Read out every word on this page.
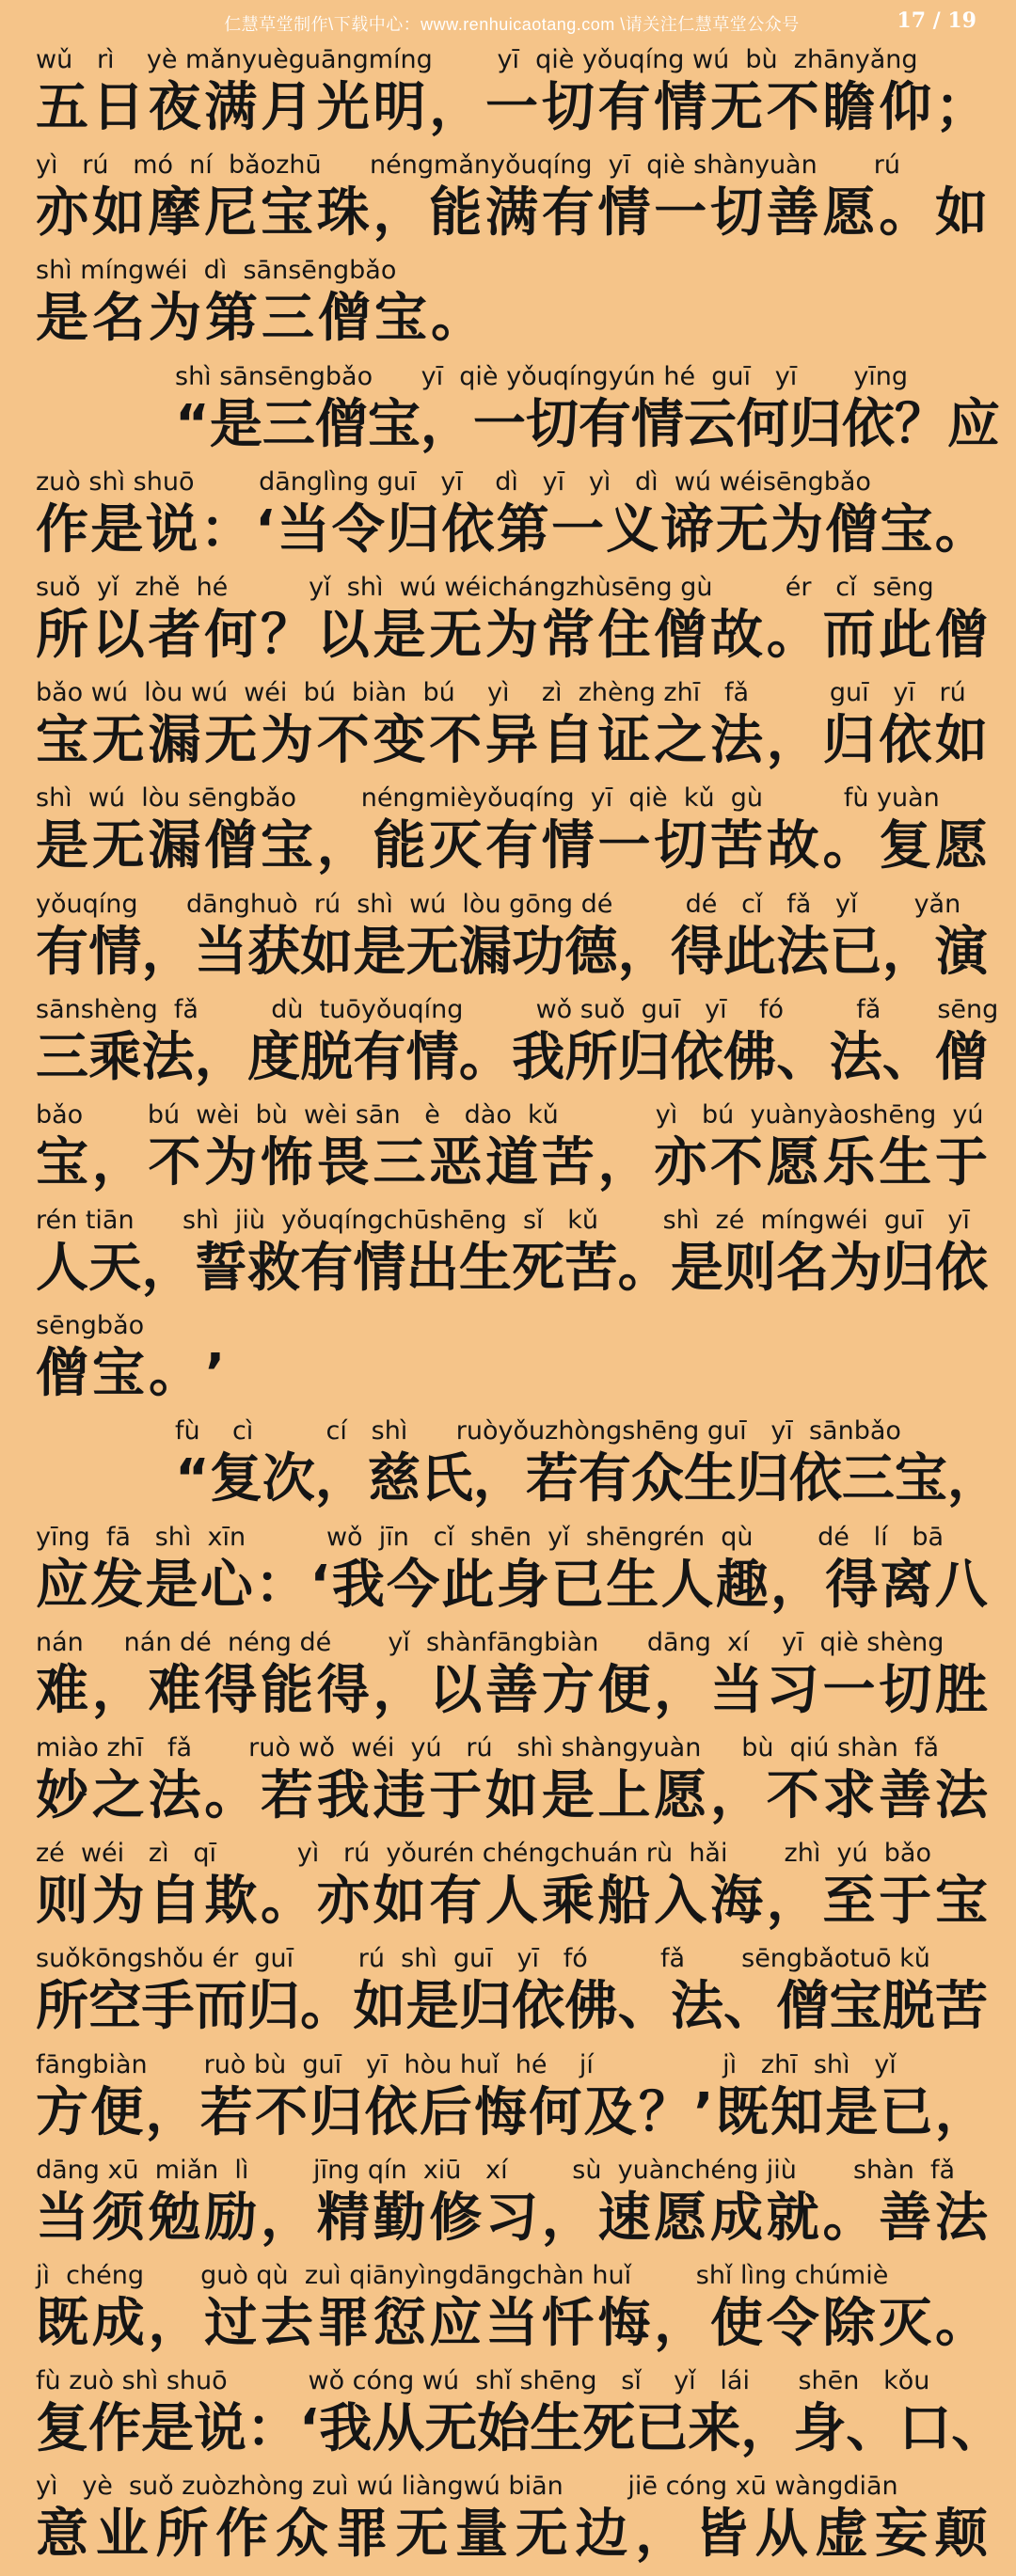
仁慧草堂制作\下载中心：www.renhuicaotang.com \请关注仁慧草堂公众号	17 / 19
wǔ   rì    yè mǎnyuèguāngmíng        yī  qiè yǒuqíng wú  bù  zhānyǎng
五 日 夜 满 月 光 明 ， 一 切 有 情 无 不 瞻 仰 ；
yì   rú   mó  ní  bǎozhū      néngmǎnyǒuqíng  yī  qiè shànyuàn       rú
亦 如 摩 尼 宝 珠 ， 能 满 有 情 一 切 善 愿 。 如
shì míngwéi  dì  sānsēngbǎo
是 名 为 第 三 僧 宝 。
shì sānsēngbǎo      yī  qiè yǒuqíngyún hé  guī   yī       yīng
“ 是 三 僧 宝 ， 一 切 有 情 云 何 归 依 ？ 应
zuò shì shuō        dānglìng guī   yī    dì   yī   yì   dì  wú wéisēngbǎo
作 是 说 ： ‘ 当 令 归 依 第 一 义 谛 无 为 僧 宝 。
suǒ  yǐ  zhě  hé          yǐ  shì  wú wéichángzhùsēng gù         ér   cǐ  sēng
所 以 者 何 ？ 以 是 无 为 常 住 僧 故 。 而 此 僧
bǎo wú  lòu wú  wéi  bú  biàn  bú    yì    zì  zhèng zhī   fǎ          guī   yī   rú
宝 无 漏 无 为 不 变 不 异 自 证 之 法 ， 归 依 如
shì  wú  lòu sēngbǎo        néngmièyǒuqíng  yī  qiè  kǔ  gù          fù yuàn
是 无 漏 僧 宝 ， 能 灭 有 情 一 切 苦 故 。 复 愿
yǒuqíng      dānghuò  rú  shì  wú  lòu gōng dé         dé   cǐ   fǎ   yǐ       yǎn
有 情 ， 当 获 如 是 无 漏 功 德 ， 得 此 法 已 ， 演
sānshèng  fǎ         dù  tuōyǒuqíng         wǒ suǒ  guī   yī    fó         fǎ       sēng
三 乘 法 ， 度 脱 有 情 。 我 所 归 依 佛 、 法 、 僧
bǎo        bú  wèi  bù  wèi sān   è   dào  kǔ            yì   bú  yuànyàoshēng  yú
宝 ， 不 为 怖 畏 三 恶 道 苦 ， 亦 不 愿 乐 生 于
rén tiān      shì  jiù  yǒuqíngchūshēng  sǐ   kǔ        shì  zé  míngwéi  guī   yī
人 天 ， 誓 救 有 情 出 生 死 苦 。 是 则 名 为 归 依
sēngbǎo
僧 宝 。 ’
fù    cì         cí   shì      ruòyǒuzhòngshēng guī   yī  sānbǎo
“ 复 次 ， 慈 氏 ， 若 有 众 生 归 依 三 宝 ，
yīng  fā   shì  xīn          wǒ  jīn   cǐ  shēn  yǐ  shēngrén  qù        dé   lí   bā
应 发 是 心 ： ‘ 我 今 此 身 已 生 人 趣 ， 得 离 八
nán     nán dé  néng dé       yǐ  shànfāngbiàn      dāng  xí    yī  qiè shèng
难 ， 难 得 能 得 ， 以 善 方 便 ， 当 习 一 切 胜
miào zhī   fǎ       ruò wǒ  wéi  yú   rú   shì shàngyuàn     bù  qiú shàn  fǎ
妙 之 法 。 若 我 违 于 如 是 上 愿 ， 不 求 善 法
zé  wéi   zì   qī          yì   rú  yǒurén chéngchuán rù  hǎi       zhì  yú  bǎo
则 为 自 欺 。 亦 如 有 人 乘 船 入 海 ， 至 于 宝
suǒkōngshǒu ér  guī        rú  shì  guī   yī   fó         fǎ       sēngbǎotuō kǔ
所 空 手 而 归 。 如 是 归 依 佛 、 法 、 僧 宝 脱 苦
fāngbiàn       ruò bù  guī   yī  hòu huǐ  hé    jí                jì   zhī  shì   yǐ
方 便 ， 若 不 归 依 后 悔 何 及 ？ ’ 既 知 是 已 ，
dāng xū  miǎn  lì        jīng qín  xiū   xí        sù  yuànchéng jiù       shàn  fǎ
当 须 勉 励 ， 精 勤 修 习 ， 速 愿 成 就 。 善 法
jì  chéng       guò qù  zuì qiānyìngdāngchàn huǐ        shǐ lìng chúmiè
既 成 ， 过 去 罪 愆 应 当 忏 悔 ， 使 令 除 灭 。
fù zuò shì shuō          wǒ cóng wú  shǐ shēng   sǐ    yǐ   lái      shēn   kǒu
复 作 是 说 ： ‘ 我 从 无 始 生 死 已 来 ， 身 、 口 、
yì   yè  suǒ zuòzhòng zuì wú liàngwú biān        jiē cóng xū wàngdiān
意 业 所 作 众 罪 无 量 无 边 ， 皆 从 虚 妄 颠
